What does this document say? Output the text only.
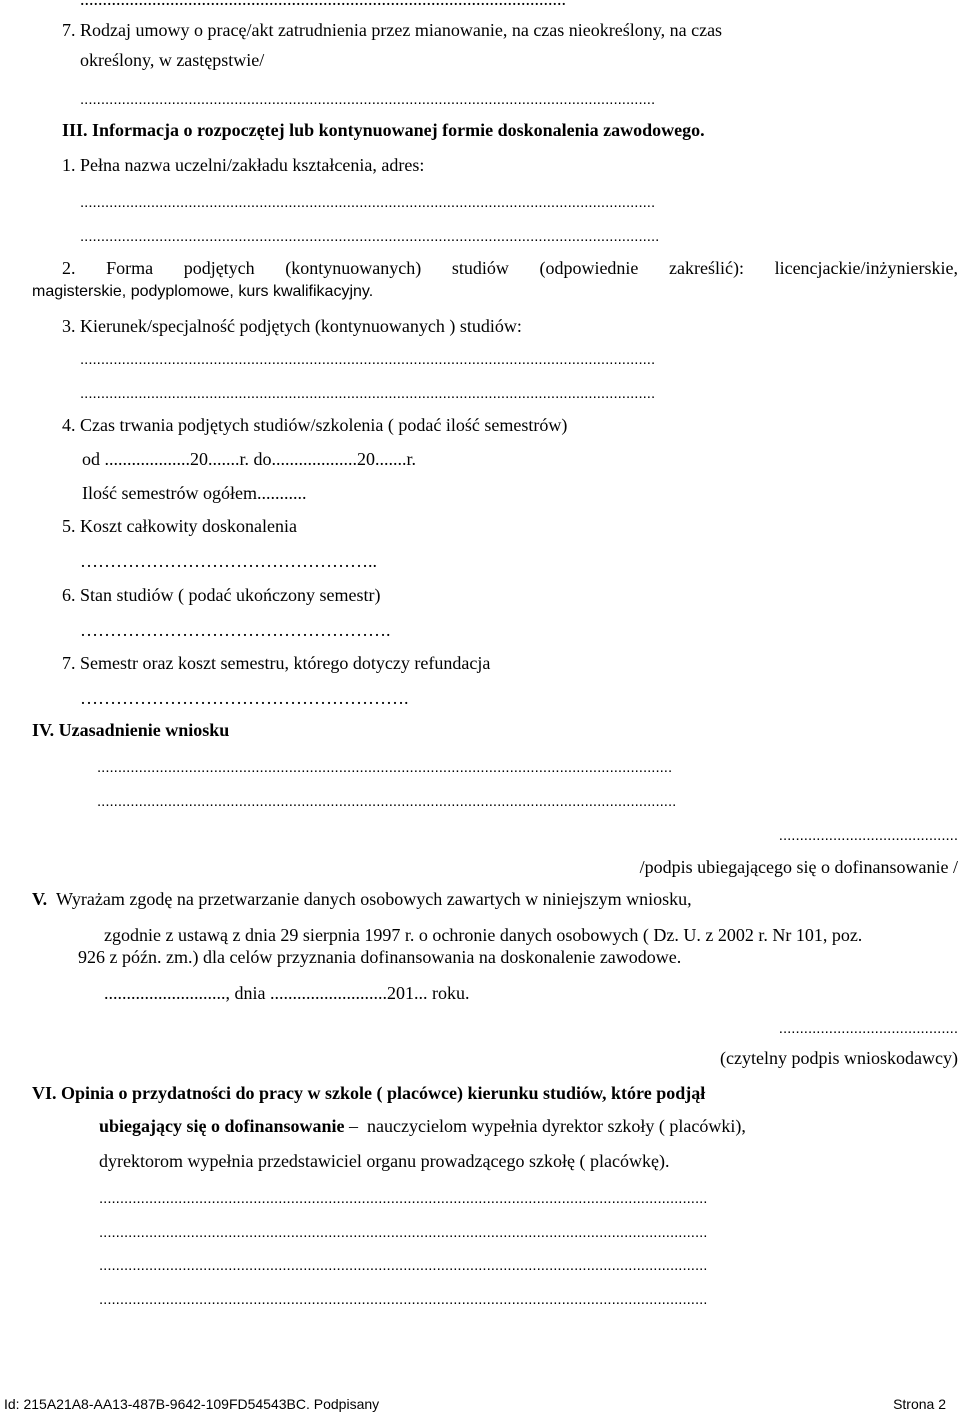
7. Rodzaj umowy o pracę/akt zatrudnienia przez mianowanie, na czas nieokreślony, na czas
określony, w zastępstwie/
..........................................................................................................................................
III. Informacja o rozpoczętej lub kontynuowanej formie doskonalenia zawodowego.
1. Pełna nazwa uczelni/zakładu kształcenia, adres:
..........................................................................................................................................
...........................................................................................................................................
2. Forma podjętych (kontynuowanych) studiów (odpowiednie zakreślić): licencjackie/inżynierskie,
magisterskie, podyplomowe, kurs kwalifikacyjny.
3. Kierunek/specjalność podjętych (kontynuowanych ) studiów:
..........................................................................................................................................
..........................................................................................................................................
4. Czas trwania podjętych studiów/szkolenia ( podać ilość semestrów)
od ...................20.......r. do...................20.......r.
Ilość semestrów ogółem...........
5. Koszt całkowity doskonalenia
…………………………………………..
6. Stan studiów ( podać ukończony semestr)
…………………………………………….
7. Semestr oraz koszt semestru, którego dotyczy refundacja
……………………………………………….
IV. Uzasadnienie wniosku
..........................................................................................................................................
...........................................................................................................................................
...........................................
/podpis ubiegającego się o dofinansowanie /
V. Wyrażam zgodę na przetwarzanie danych osobowych zawartych w niniejszym wniosku,
zgodnie z ustawą z dnia 29 sierpnia 1997 r. o ochronie danych osobowych ( Dz. U. z 2002 r. Nr 101, poz.
926 z późn. zm.) dla celów przyznania dofinansowania na doskonalenie zawodowe.
..........................., dnia ..........................201... roku.
...........................................
(czytelny podpis wnioskodawcy)
VI. Opinia o przydatności do pracy w szkole ( placówce) kierunku studiów, które podjął
ubiegający się o dofinansowanie –  nauczycielom wypełnia dyrektor szkoły ( placówki),
dyrektorom wypełnia przedstawiciel organu prowadzącego szkołę ( placówkę).
..................................................................................................................................................
..................................................................................................................................................
..................................................................................................................................................
..................................................................................................................................................
Id: 215A21A8-AA13-487B-9642-109FD54543BC. Podpisany	Strona 2
